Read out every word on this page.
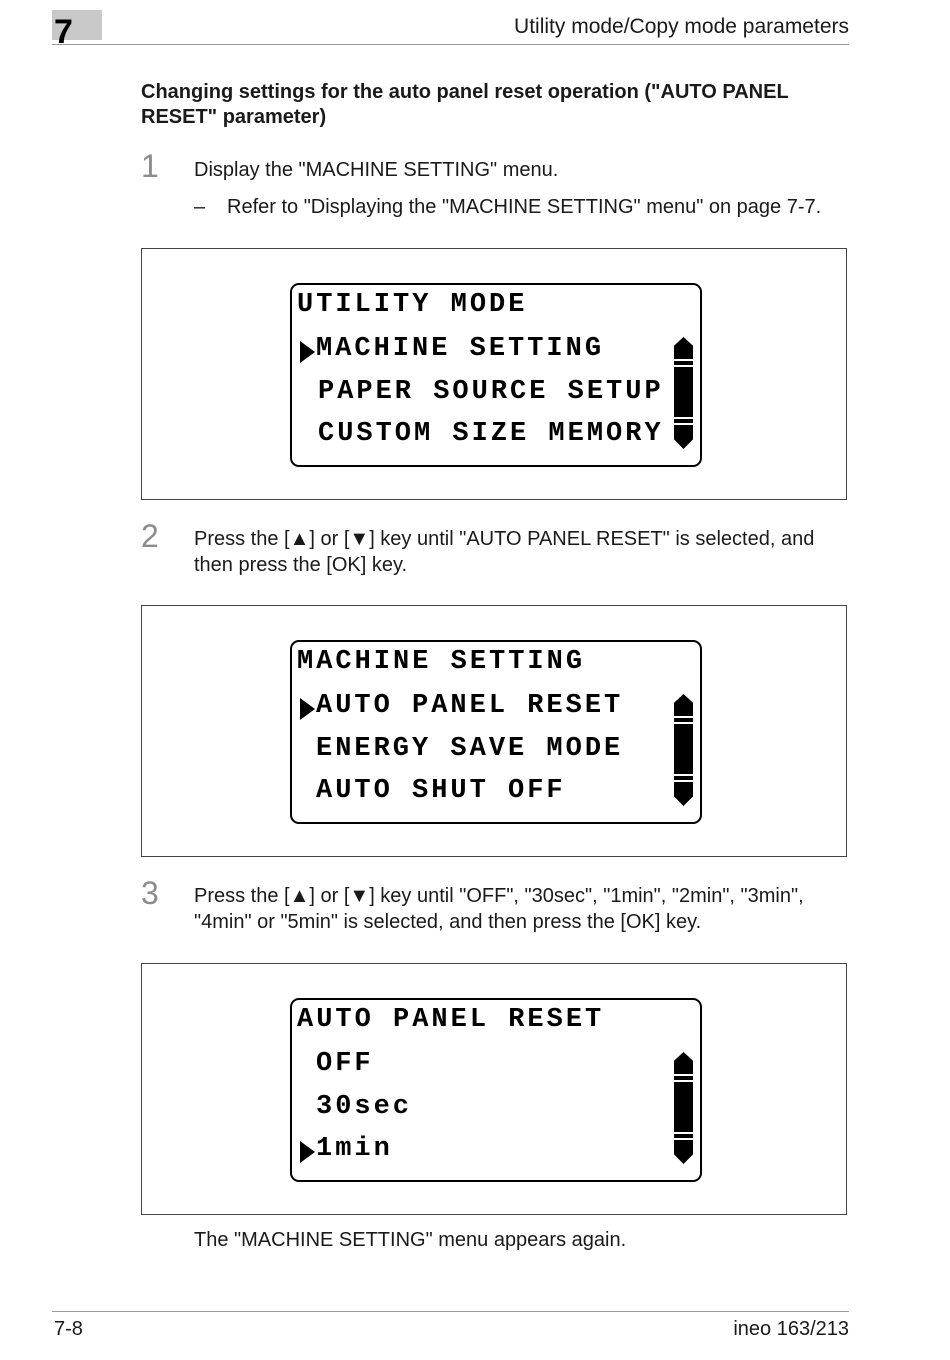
7	Utility mode/Copy mode parameters
Changing settings for the auto panel reset operation ("AUTO PANEL RESET" parameter)
1 Display the "MACHINE SETTING" menu.
– Refer to "Displaying the "MACHINE SETTING" menu" on page 7-7.
UTILITY MODE
MACHINE SETTING
PAPER SOURCE SETUP
CUSTOM SIZE MEMORY
2 Press the [▲] or [▼] key until "AUTO PANEL RESET" is selected, and then press the [OK] key.
MACHINE SETTING
AUTO PANEL RESET
ENERGY SAVE MODE
AUTO SHUT OFF
3 Press the [▲] or [▼] key until "OFF", "30sec", "1min", "2min", "3min", "4min" or "5min" is selected, and then press the [OK] key.
AUTO PANEL RESET
OFF
30sec
1min
The "MACHINE SETTING" menu appears again.
7-8	ineo 163/213
